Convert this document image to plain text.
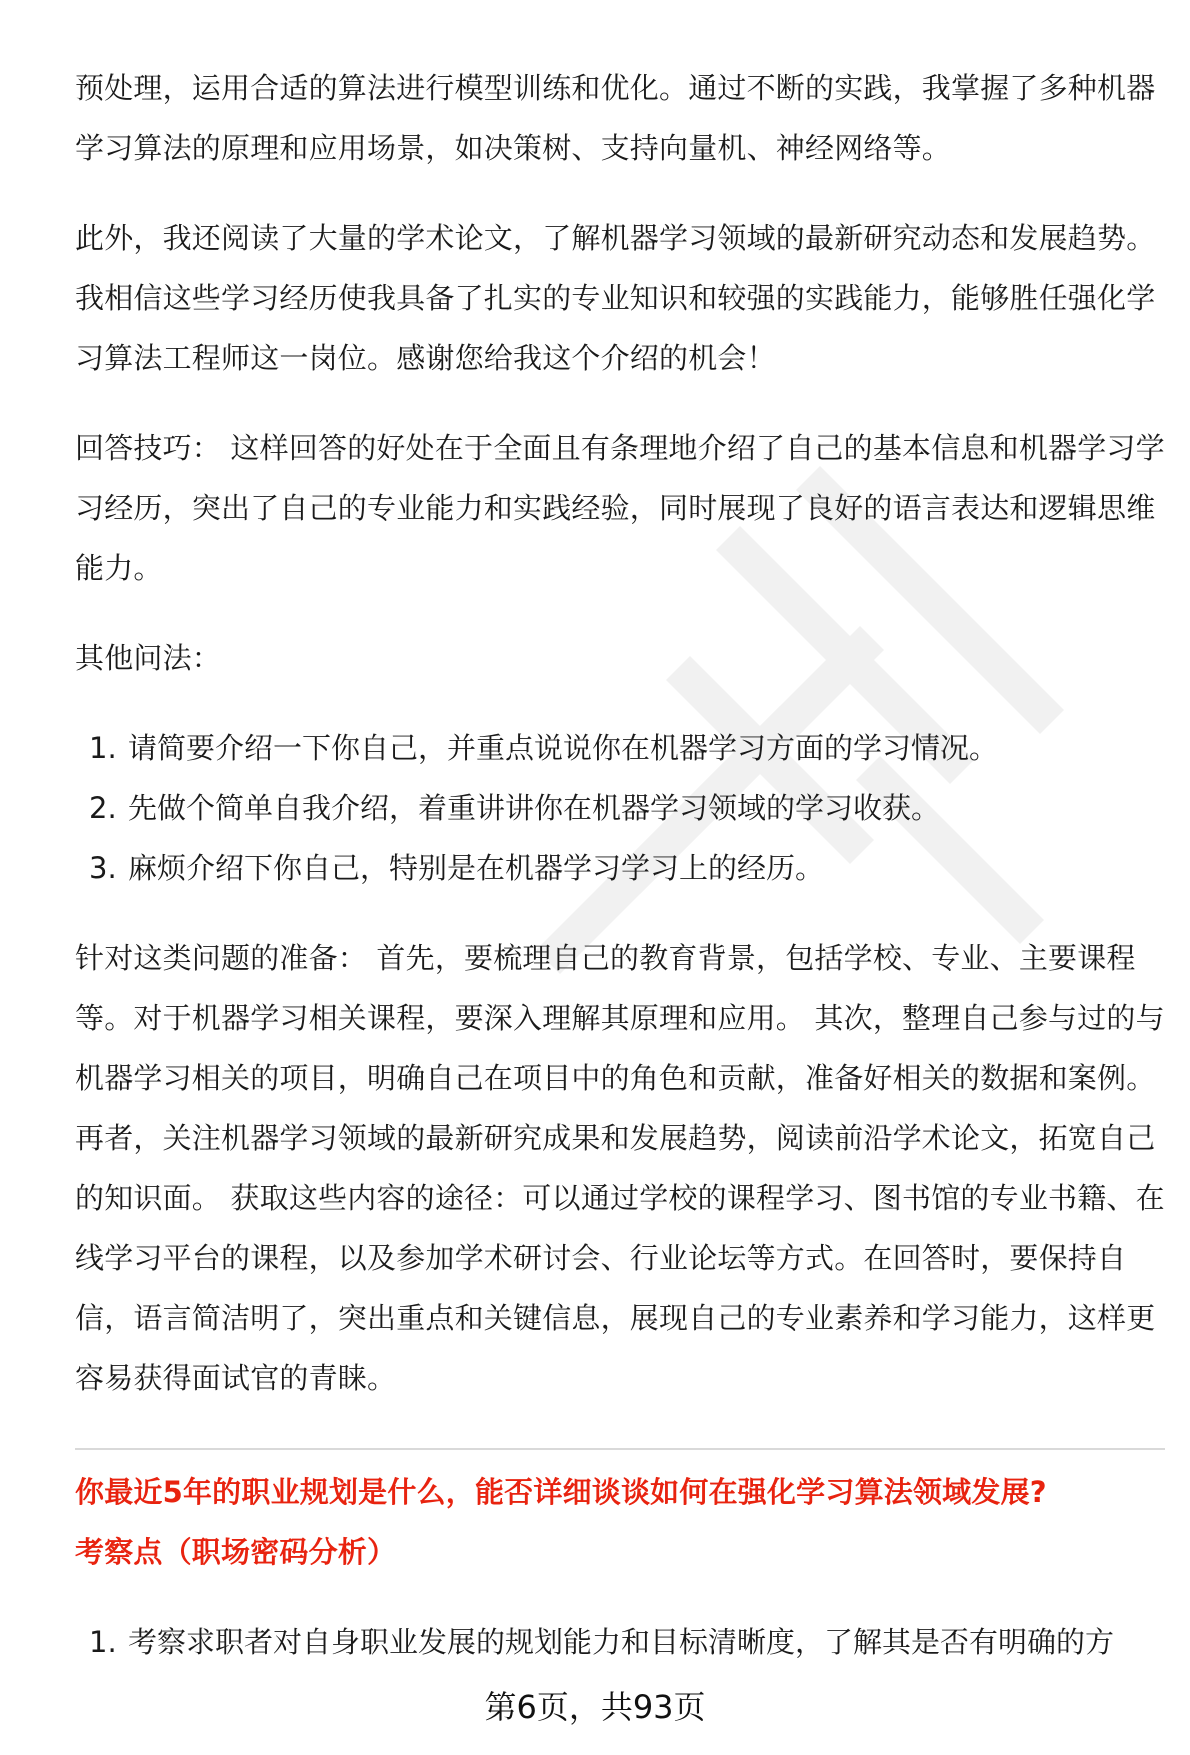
预处理，运用合适的算法进行模型训练和优化。通过不断的实践，我掌握了多种机器学习算法的原理和应用场景，如决策树、支持向量机、神经网络等。

此外，我还阅读了大量的学术论文，了解机器学习领域的最新研究动态和发展趋势。我相信这些学习经历使我具备了扎实的专业知识和较强的实践能力，能够胜任强化学习算法工程师这一岗位。感谢您给我这个介绍的机会！

回答技巧： 这样回答的好处在于全面且有条理地介绍了自己的基本信息和机器学习学习经历，突出了自己的专业能力和实践经验，同时展现了良好的语言表达和逻辑思维能力。

其他问法：

1. 请简要介绍一下你自己，并重点说说你在机器学习方面的学习情况。
2. 先做个简单自我介绍，着重讲讲你在机器学习领域的学习收获。
3. 麻烦介绍下你自己，特别是在机器学习学习上的经历。

针对这类问题的准备： 首先，要梳理自己的教育背景，包括学校、专业、主要课程等。对于机器学习相关课程，要深入理解其原理和应用。 其次，整理自己参与过的与机器学习相关的项目，明确自己在项目中的角色和贡献，准备好相关的数据和案例。 再者，关注机器学习领域的最新研究成果和发展趋势，阅读前沿学术论文，拓宽自己的知识面。 获取这些内容的途径：可以通过学校的课程学习、图书馆的专业书籍、在线学习平台的课程，以及参加学术研讨会、行业论坛等方式。在回答时，要保持自信，语言简洁明了，突出重点和关键信息，展现自己的专业素养和学习能力，这样更容易获得面试官的青睐。

你最近5年的职业规划是什么，能否详细谈谈如何在强化学习算法领域发展?

考察点（职场密码分析）

1. 考察求职者对自身职业发展的规划能力和目标清晰度，了解其是否有明确的方
第6页，共93页
